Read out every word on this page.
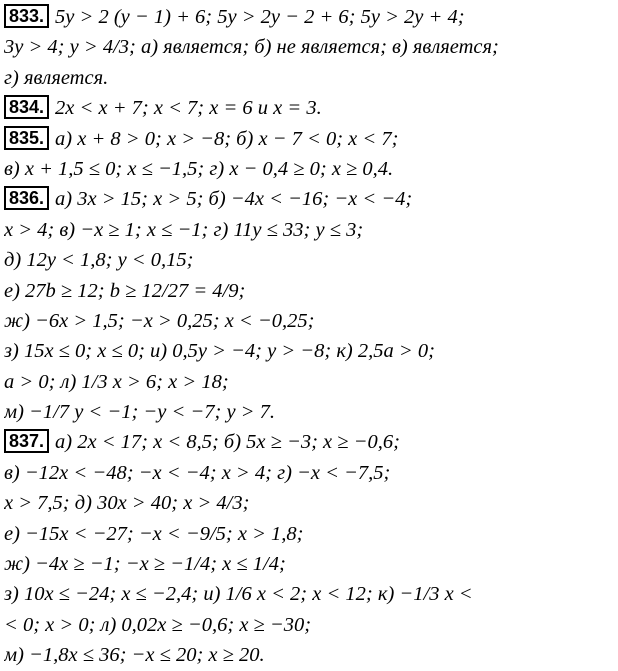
833. 5y > 2 (y − 1) + 6; 5y > 2y − 2 + 6; 5y > 2y + 4;
3y > 4; y > 4/3; а) является; б) не является; в) является;
г) является.
834. 2x < x + 7; x < 7; x = 6 и x = 3.
835. а) x + 8 > 0; x > −8; б) x − 7 < 0; x < 7;
в) x + 1,5 ≤ 0; x ≤ −1,5; г) x − 0,4 ≥ 0; x ≥ 0,4.
836. а) 3x > 15; x > 5; б) −4x < −16; −x < −4;
x > 4; в) −x ≥ 1; x ≤ −1; г) 11y ≤ 33; y ≤ 3;
д) 12y < 1,8; y < 0,15;
е) 27b ≥ 12; b ≥ 12/27 = 4/9;
ж) −6x > 1,5; −x > 0,25; x < −0,25;
з) 15x ≤ 0; x ≤ 0; и) 0,5y > −4; y > −8; к) 2,5a > 0;
a > 0; л) 1/3 x > 6; x > 18;
м) −1/7 y < −1; −y < −7; y > 7.
837. а) 2x < 17; x < 8,5; б) 5x ≥ −3; x ≥ −0,6;
в) −12x < −48; −x < −4; x > 4; г) −x < −7,5;
x > 7,5; д) 30x > 40; x > 4/3;
е) −15x < −27; −x < −9/5; x > 1,8;
ж) −4x ≥ −1; −x ≥ −1/4; x ≤ 1/4;
з) 10x ≤ −24; x ≤ −2,4; и) 1/6 x < 2; x < 12; к) −1/3 x <
< 0; x > 0; л) 0,02x ≥ −0,6; x ≥ −30;
м) −1,8x ≤ 36; −x ≤ 20; x ≥ 20.
